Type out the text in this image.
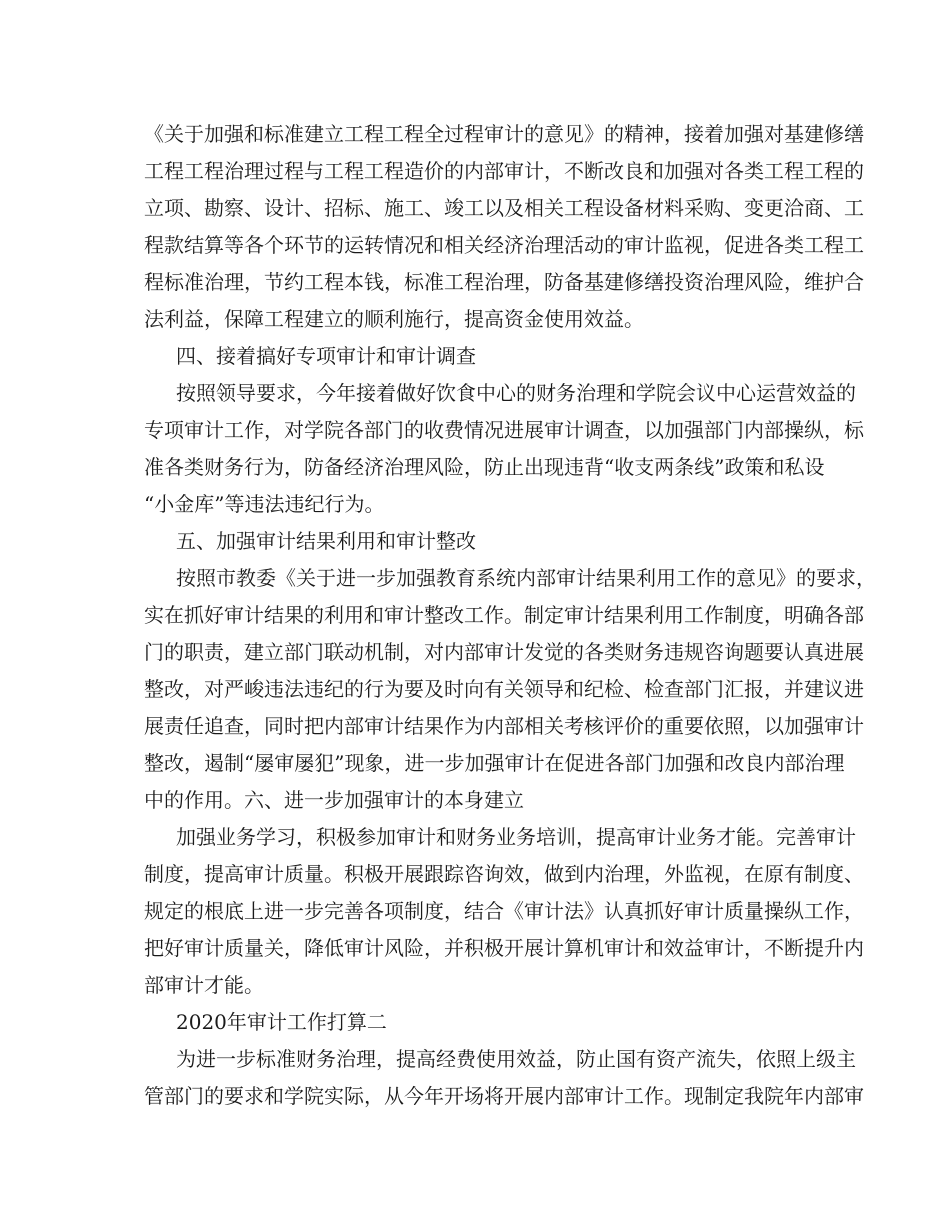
《关于加强和标准建立工程工程全过程审计的意见》的精神，接着加强对基建修缮
工程工程治理过程与工程工程造价的内部审计，不断改良和加强对各类工程工程的
立项、勘察、设计、招标、施工、竣工以及相关工程设备材料采购、变更洽商、工
程款结算等各个环节的运转情况和相关经济治理活动的审计监视，促进各类工程工
程标准治理，节约工程本钱，标准工程治理，防备基建修缮投资治理风险，维护合
法利益，保障工程建立的顺利施行，提高资金使用效益。
四、接着搞好专项审计和审计调查
按照领导要求，今年接着做好饮食中心的财务治理和学院会议中心运营效益的
专项审计工作，对学院各部门的收费情况进展审计调查，以加强部门内部操纵，标
准各类财务行为，防备经济治理风险，防止出现违背“收支两条线”政策和私设
“小金库”等违法违纪行为。
五、加强审计结果利用和审计整改
按照市教委《关于进一步加强教育系统内部审计结果利用工作的意见》的要求，
实在抓好审计结果的利用和审计整改工作。制定审计结果利用工作制度，明确各部
门的职责，建立部门联动机制，对内部审计发觉的各类财务违规咨询题要认真进展
整改，对严峻违法违纪的行为要及时向有关领导和纪检、检查部门汇报，并建议进
展责任追查，同时把内部审计结果作为内部相关考核评价的重要依照，以加强审计
整改，遏制“屡审屡犯”现象，进一步加强审计在促进各部门加强和改良内部治理
中的作用。六、进一步加强审计的本身建立
加强业务学习，积极参加审计和财务业务培训，提高审计业务才能。完善审计
制度，提高审计质量。积极开展跟踪咨询效，做到内治理，外监视，在原有制度、
规定的根底上进一步完善各项制度，结合《审计法》认真抓好审计质量操纵工作，
把好审计质量关，降低审计风险，并积极开展计算机审计和效益审计，不断提升内
部审计才能。
2020年审计工作打算二
为进一步标准财务治理，提高经费使用效益，防止国有资产流失，依照上级主
管部门的要求和学院实际，从今年开场将开展内部审计工作。现制定我院年内部审
